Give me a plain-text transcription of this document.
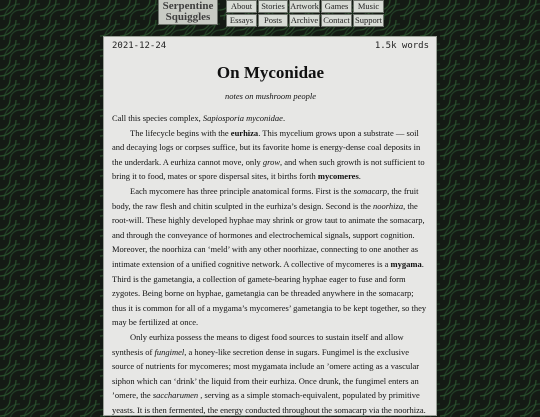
Serpentine
Squiggles
About	Stories Artwork Games	Music
Essays	Posts	Archive Contact Support
2021-12-24	1.5k words
On Myconidae
notes on mushroom people

Call this species complex, Sapiosporia myconidae.

The lifecycle begins with the eurhiza. This mycelium grows upon a substrate — soil and decaying logs or corpses suffice, but its favorite home is energy-dense coal deposits in the underdark. A eurhiza cannot move, only grow, and when such growth is not sufficient to bring it to food, mates or spore dispersal sites, it births forth mycomeres.

Each mycomere has three principle anatomical forms. First is the somacarp, the fruit body, the raw flesh and chitin sculpted in the eurhiza’s design. Second is the noorhiza, the root-will. These highly developed hyphae may shrink or grow taut to animate the somacarp, and through the conveyance of hormones and electrochemical signals, support cognition. Moreover, the noorhiza can ‘meld’ with any other noorhizae, connecting to one another as intimate extension of a unified cognitive network. A collective of mycomeres is a mygama. Third is the gametangia, a collection of gamete-bearing hyphae eager to fuse and form zygotes. Being borne on hyphae, gametangia can be threaded anywhere in the somacarp; thus it is common for all of a mygama’s mycomeres’ gametangia to be kept together, so they may be fertilized at once.

Only eurhiza possess the means to digest food sources to sustain itself and allow synthesis of fungimel, a honey-like secretion dense in sugars. Fungimel is the exclusive source of nutrients for mycomeres; most mygamata include an ’omere acting as a vascular siphon which can ‘drink’ the liquid from their eurhiza. Once drunk, the fungimel enters an ’omere, the saccharumen , serving as a simple stomach-equivalent, populated by primitive yeasts. It is then fermented, the energy conducted throughout the somacarp via the noorhiza.
